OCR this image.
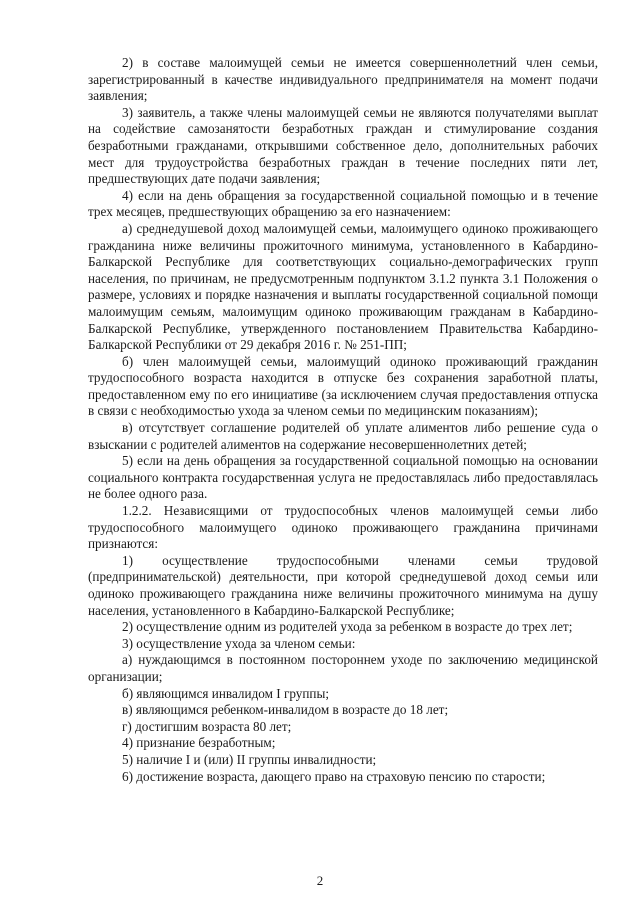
2) в составе малоимущей семьи не имеется совершеннолетний член семьи, зарегистрированный в качестве индивидуального предпринимателя на момент подачи заявления;

3) заявитель, а также члены малоимущей семьи не являются получателями выплат на содействие самозанятости безработных граждан и стимулирование создания безработными гражданами, открывшими собственное дело, дополнительных рабочих мест для трудоустройства безработных граждан в течение последних пяти лет, предшествующих дате подачи заявления;

4) если на день обращения за государственной социальной помощью и в течение трех месяцев, предшествующих обращению за его назначением:

а) среднедушевой доход малоимущей семьи, малоимущего одиноко проживающего гражданина ниже величины прожиточного минимума, установленного в Кабардино-Балкарской Республике для соответствующих социально-демографических групп населения, по причинам, не предусмотренным подпунктом 3.1.2 пункта 3.1 Положения о размере, условиях и порядке назначения и выплаты государственной социальной помощи малоимущим семьям, малоимущим одиноко проживающим гражданам в Кабардино-Балкарской Республике, утвержденного постановлением Правительства Кабардино-Балкарской Республики от 29 декабря 2016 г. № 251-ПП;

б) член малоимущей семьи, малоимущий одиноко проживающий гражданин трудоспособного возраста находится в отпуске без сохранения заработной платы, предоставленном ему по его инициативе (за исключением случая предоставления отпуска в связи с необходимостью ухода за членом семьи по медицинским показаниям);

в) отсутствует соглашение родителей об уплате алиментов либо решение суда о взыскании с родителей алиментов на содержание несовершеннолетних детей;

5) если на день обращения за государственной социальной помощью на основании социального контракта государственная услуга не предоставлялась либо предоставлялась не более одного раза.

1.2.2. Независящими от трудоспособных членов малоимущей семьи либо трудоспособного малоимущего одиноко проживающего гражданина причинами признаются:

1) осуществление трудоспособными членами семьи трудовой (предпринимательской) деятельности, при которой среднедушевой доход семьи или одиноко проживающего гражданина ниже величины прожиточного минимума на душу населения, установленного в Кабардино-Балкарской Республике;

2) осуществление одним из родителей ухода за ребенком в возрасте до трех лет;

3) осуществление ухода за членом семьи:

а) нуждающимся в постоянном постороннем уходе по заключению медицинской организации;

б) являющимся инвалидом I группы;

в) являющимся ребенком-инвалидом в возрасте до 18 лет;

г) достигшим возраста 80 лет;

4) признание безработным;

5) наличие I и (или) II группы инвалидности;

6) достижение возраста, дающего право на страховую пенсию по старости;

2
